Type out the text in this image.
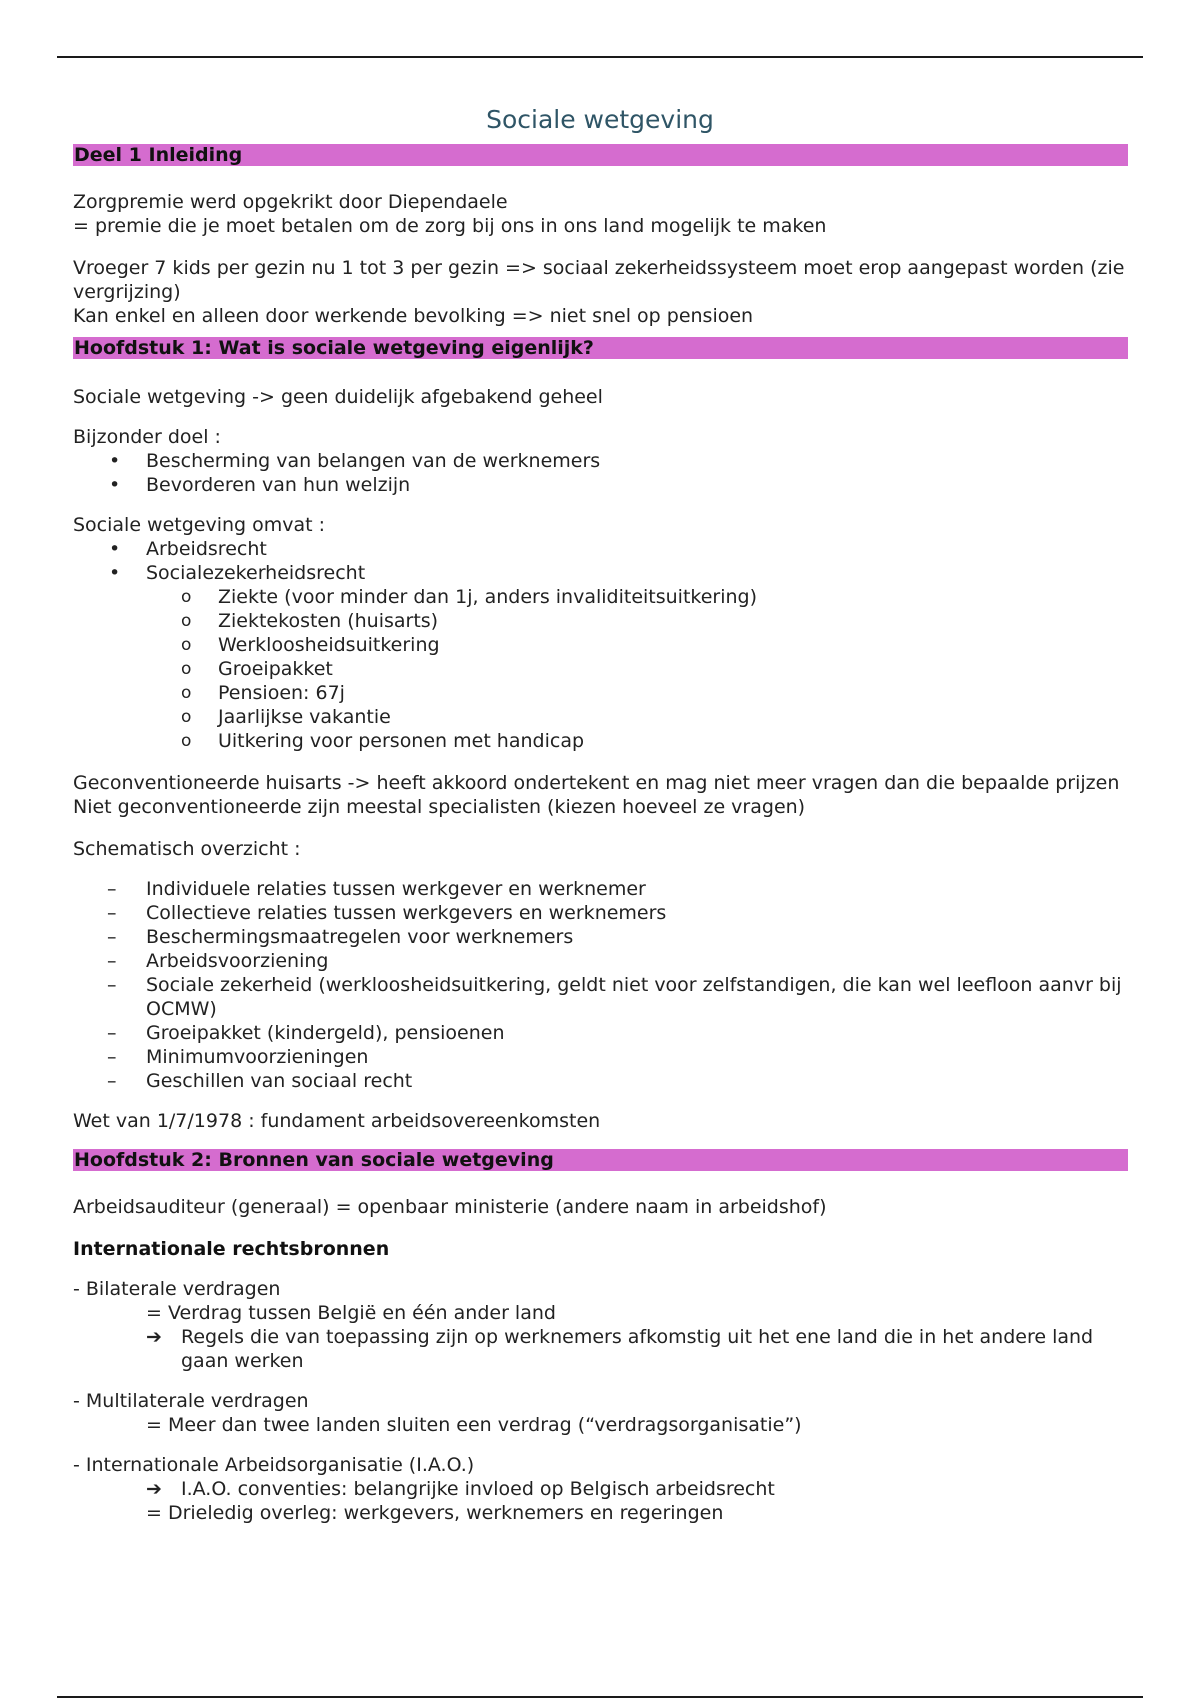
Sociale wetgeving
Deel 1 Inleiding

Zorgpremie werd opgekrikt door Diependaele

= premie die je moet betalen om de zorg bij ons in ons land mogelijk te maken

Vroeger 7 kids per gezin nu 1 tot 3 per gezin => sociaal zekerheidssysteem moet erop aangepast worden (zie vergrijzing)

Kan enkel en alleen door werkende bevolking => niet snel op pensioen

Hoofdstuk 1: Wat is sociale wetgeving eigenlijk?

Sociale wetgeving -> geen duidelijk afgebakend geheel

Bijzonder doel :

• Bescherming van belangen van de werknemers
• Bevorderen van hun welzijn

Sociale wetgeving omvat :

• Arbeidsrecht
• Socialezekerheidsrecht
o Ziekte (voor minder dan 1j, anders invaliditeitsuitkering)
o Ziektekosten (huisarts)
o Werkloosheidsuitkering
o Groeipakket
o Pensioen: 67j
o Jaarlijkse vakantie
o Uitkering voor personen met handicap

Geconventioneerde huisarts -> heeft akkoord ondertekent en mag niet meer vragen dan die bepaalde prijzen

Niet geconventioneerde zijn meestal specialisten (kiezen hoeveel ze vragen)

Schematisch overzicht :

– Individuele relaties tussen werkgever en werknemer
– Collectieve relaties tussen werkgevers en werknemers
– Beschermingsmaatregelen voor werknemers
– Arbeidsvoorziening
– Sociale zekerheid (werkloosheidsuitkering, geldt niet voor zelfstandigen, die kan wel leefloon aanvr bij OCMW)
– Groeipakket (kindergeld), pensioenen
– Minimumvoorzieningen
– Geschillen van sociaal recht

Wet van 1/7/1978 : fundament arbeidsovereenkomsten

Hoofdstuk 2: Bronnen van sociale wetgeving

Arbeidsauditeur (generaal) = openbaar ministerie (andere naam in arbeidshof)

Internationale rechtsbronnen

- Bilaterale verdragen

= Verdrag tussen België en één ander land

➔ Regels die van toepassing zijn op werknemers afkomstig uit het ene land die in het andere land gaan werken

- Multilaterale verdragen

= Meer dan twee landen sluiten een verdrag (“verdragsorganisatie”)

- Internationale Arbeidsorganisatie (I.A.O.)

➔ I.A.O. conventies: belangrijke invloed op Belgisch arbeidsrecht

= Drieledig overleg: werkgevers, werknemers en regeringen
